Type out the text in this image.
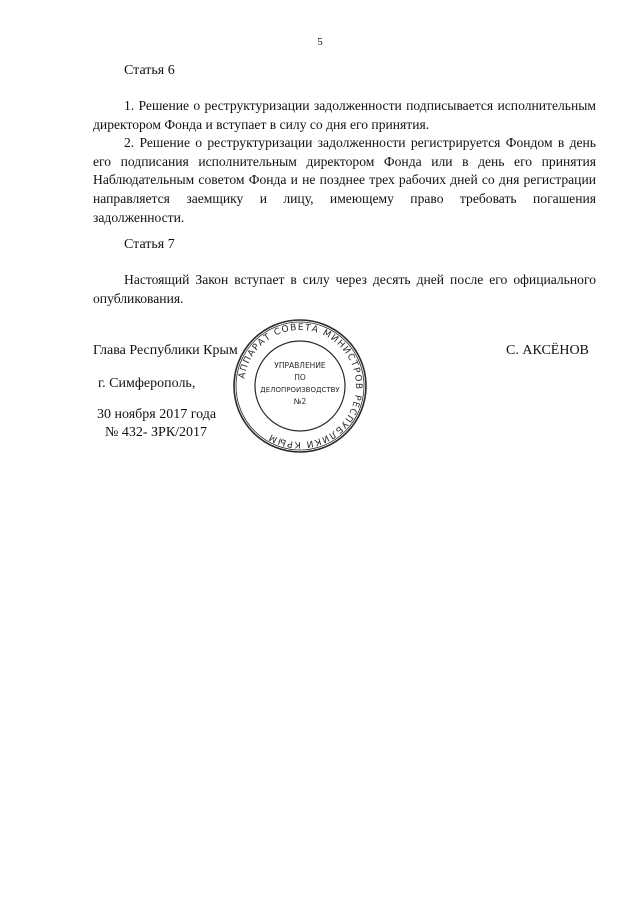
5
Статья 6

1. Решение о реструктуризации задолженности подписывается исполнительным директором Фонда и вступает в силу со дня его принятия.

2. Решение о реструктуризации задолженности регистрируется Фондом в день его подписания исполнительным директором Фонда или в день его принятия Наблюдательным советом Фонда и не позднее трех рабочих дней со дня регистрации направляется заемщику и лицу, имеющему право требовать погашения задолженности.

Статья 7

Настоящий Закон вступает в силу через десять дней после его официального опубликования.

Глава Республики Крым	С. АКСЁНОВ
г. Симферополь,
30 ноября 2017 года
№ 432- ЗРК/2017
АППАРАТ СОВЕТА МИНИСТРОВ РЕСПУБЛИКИ КРЫМ
УПРАВЛЕНИЕ
ПО
ДЕЛОПРОИЗВОДСТВУ
№2
